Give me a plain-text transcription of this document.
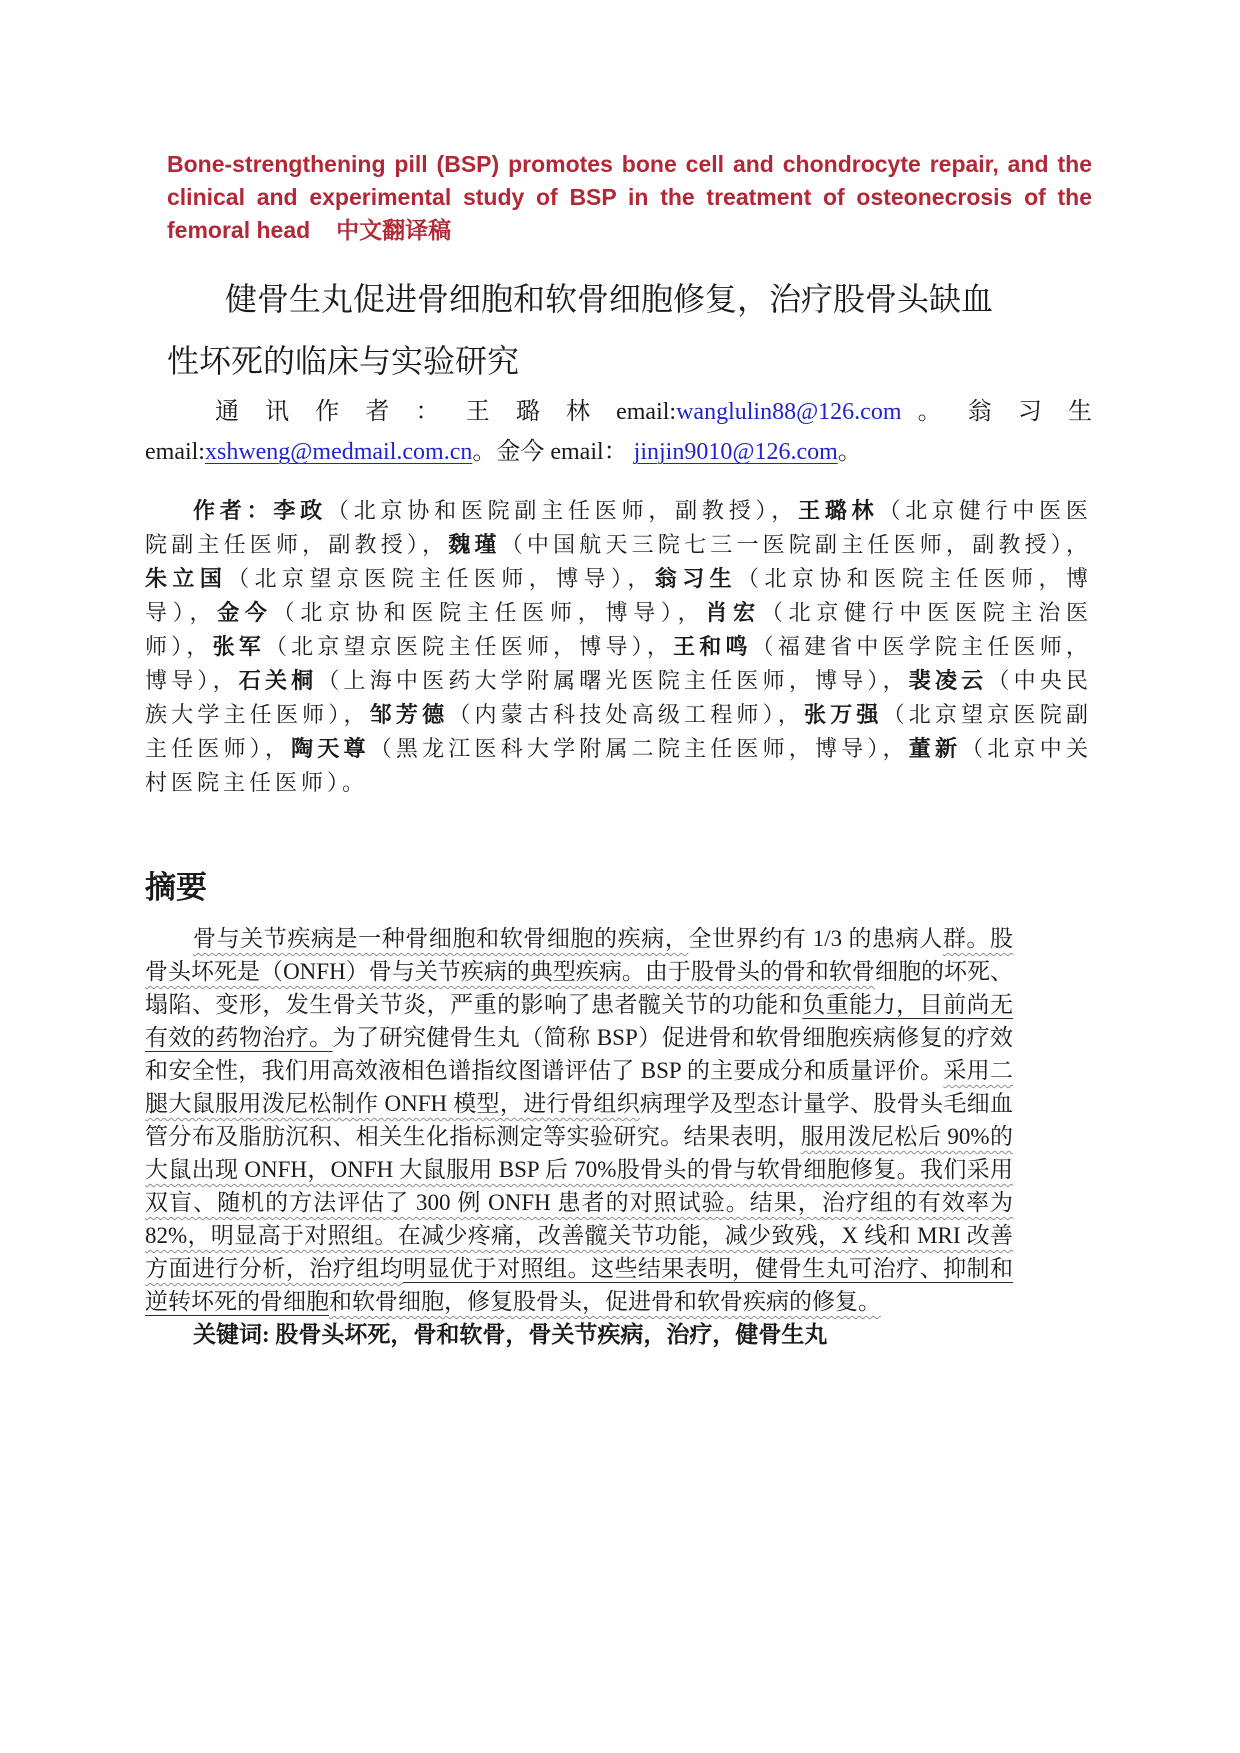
Bone-strengthening pill (BSP) promotes bone cell and chondrocyte repair, and the clinical and experimental study of BSP in the treatment of osteonecrosis of the femoral head 中文翻译稿

健骨生丸促进骨细胞和软骨细胞修复，治疗股骨头缺血性坏死的临床与实验研究

通 讯 作 者 ： 王 璐 林 email:wanglulin88@126.com 。 翁 习 生 email:xshweng@medmail.com.cn。金今 email： jinjin9010@126.com。

作者：李政（北京协和医院副主任医师，副教授），王璐林（北京健行中医医院副主任医师，副教授），魏瑾（中国航天三院七三一医院副主任医师，副教授），朱立国（北京望京医院主任医师，博导），翁习生（北京协和医院主任医师，博导），金今（北京协和医院主任医师，博导），肖宏（北京健行中医医院主治医师），张军（北京望京医院主任医师，博导），王和鸣（福建省中医学院主任医师，博导），石关桐（上海中医药大学附属曙光医院主任医师，博导），裴凌云（中央民族大学主任医师），邹芳德（内蒙古科技处高级工程师），张万强（北京望京医院副主任医师），陶天尊（黑龙江医科大学附属二院主任医师，博导），董新（北京中关村医院主任医师）。

摘要

骨与关节疾病是一种骨细胞和软骨细胞的疾病，全世界约有 1/3 的患病人群。股骨头坏死是（ONFH）骨与关节疾病的典型疾病。由于股骨头的骨和软骨细胞的坏死、塌陷、变形，发生骨关节炎，严重的影响了患者髋关节的功能和负重能力，目前尚无有效的药物治疗。为了研究健骨生丸（简称 BSP）促进骨和软骨细胞疾病修复的疗效和安全性，我们用高效液相色谱指纹图谱评估了 BSP 的主要成分和质量评价。采用二腿大鼠服用泼尼松制作 ONFH 模型，进行骨组织病理学及型态计量学、股骨头毛细血管分布及脂肪沉积、相关生化指标测定等实验研究。结果表明，服用泼尼松后 90%的大鼠出现 ONFH，ONFH 大鼠服用 BSP 后 70%股骨头的骨与软骨细胞修复。我们采用双盲、随机的方法评估了 300 例 ONFH 患者的对照试验。结果，治疗组的有效率为 82%，明显高于对照组。在减少疼痛，改善髋关节功能，减少致残，X 线和 MRI 改善方面进行分析，治疗组均明显优于对照组。这些结果表明，健骨生丸可治疗、抑制和逆转坏死的骨细胞和软骨细胞，修复股骨头，促进骨和软骨疾病的修复。

关键词: 股骨头坏死，骨和软骨，骨关节疾病，治疗，健骨生丸
